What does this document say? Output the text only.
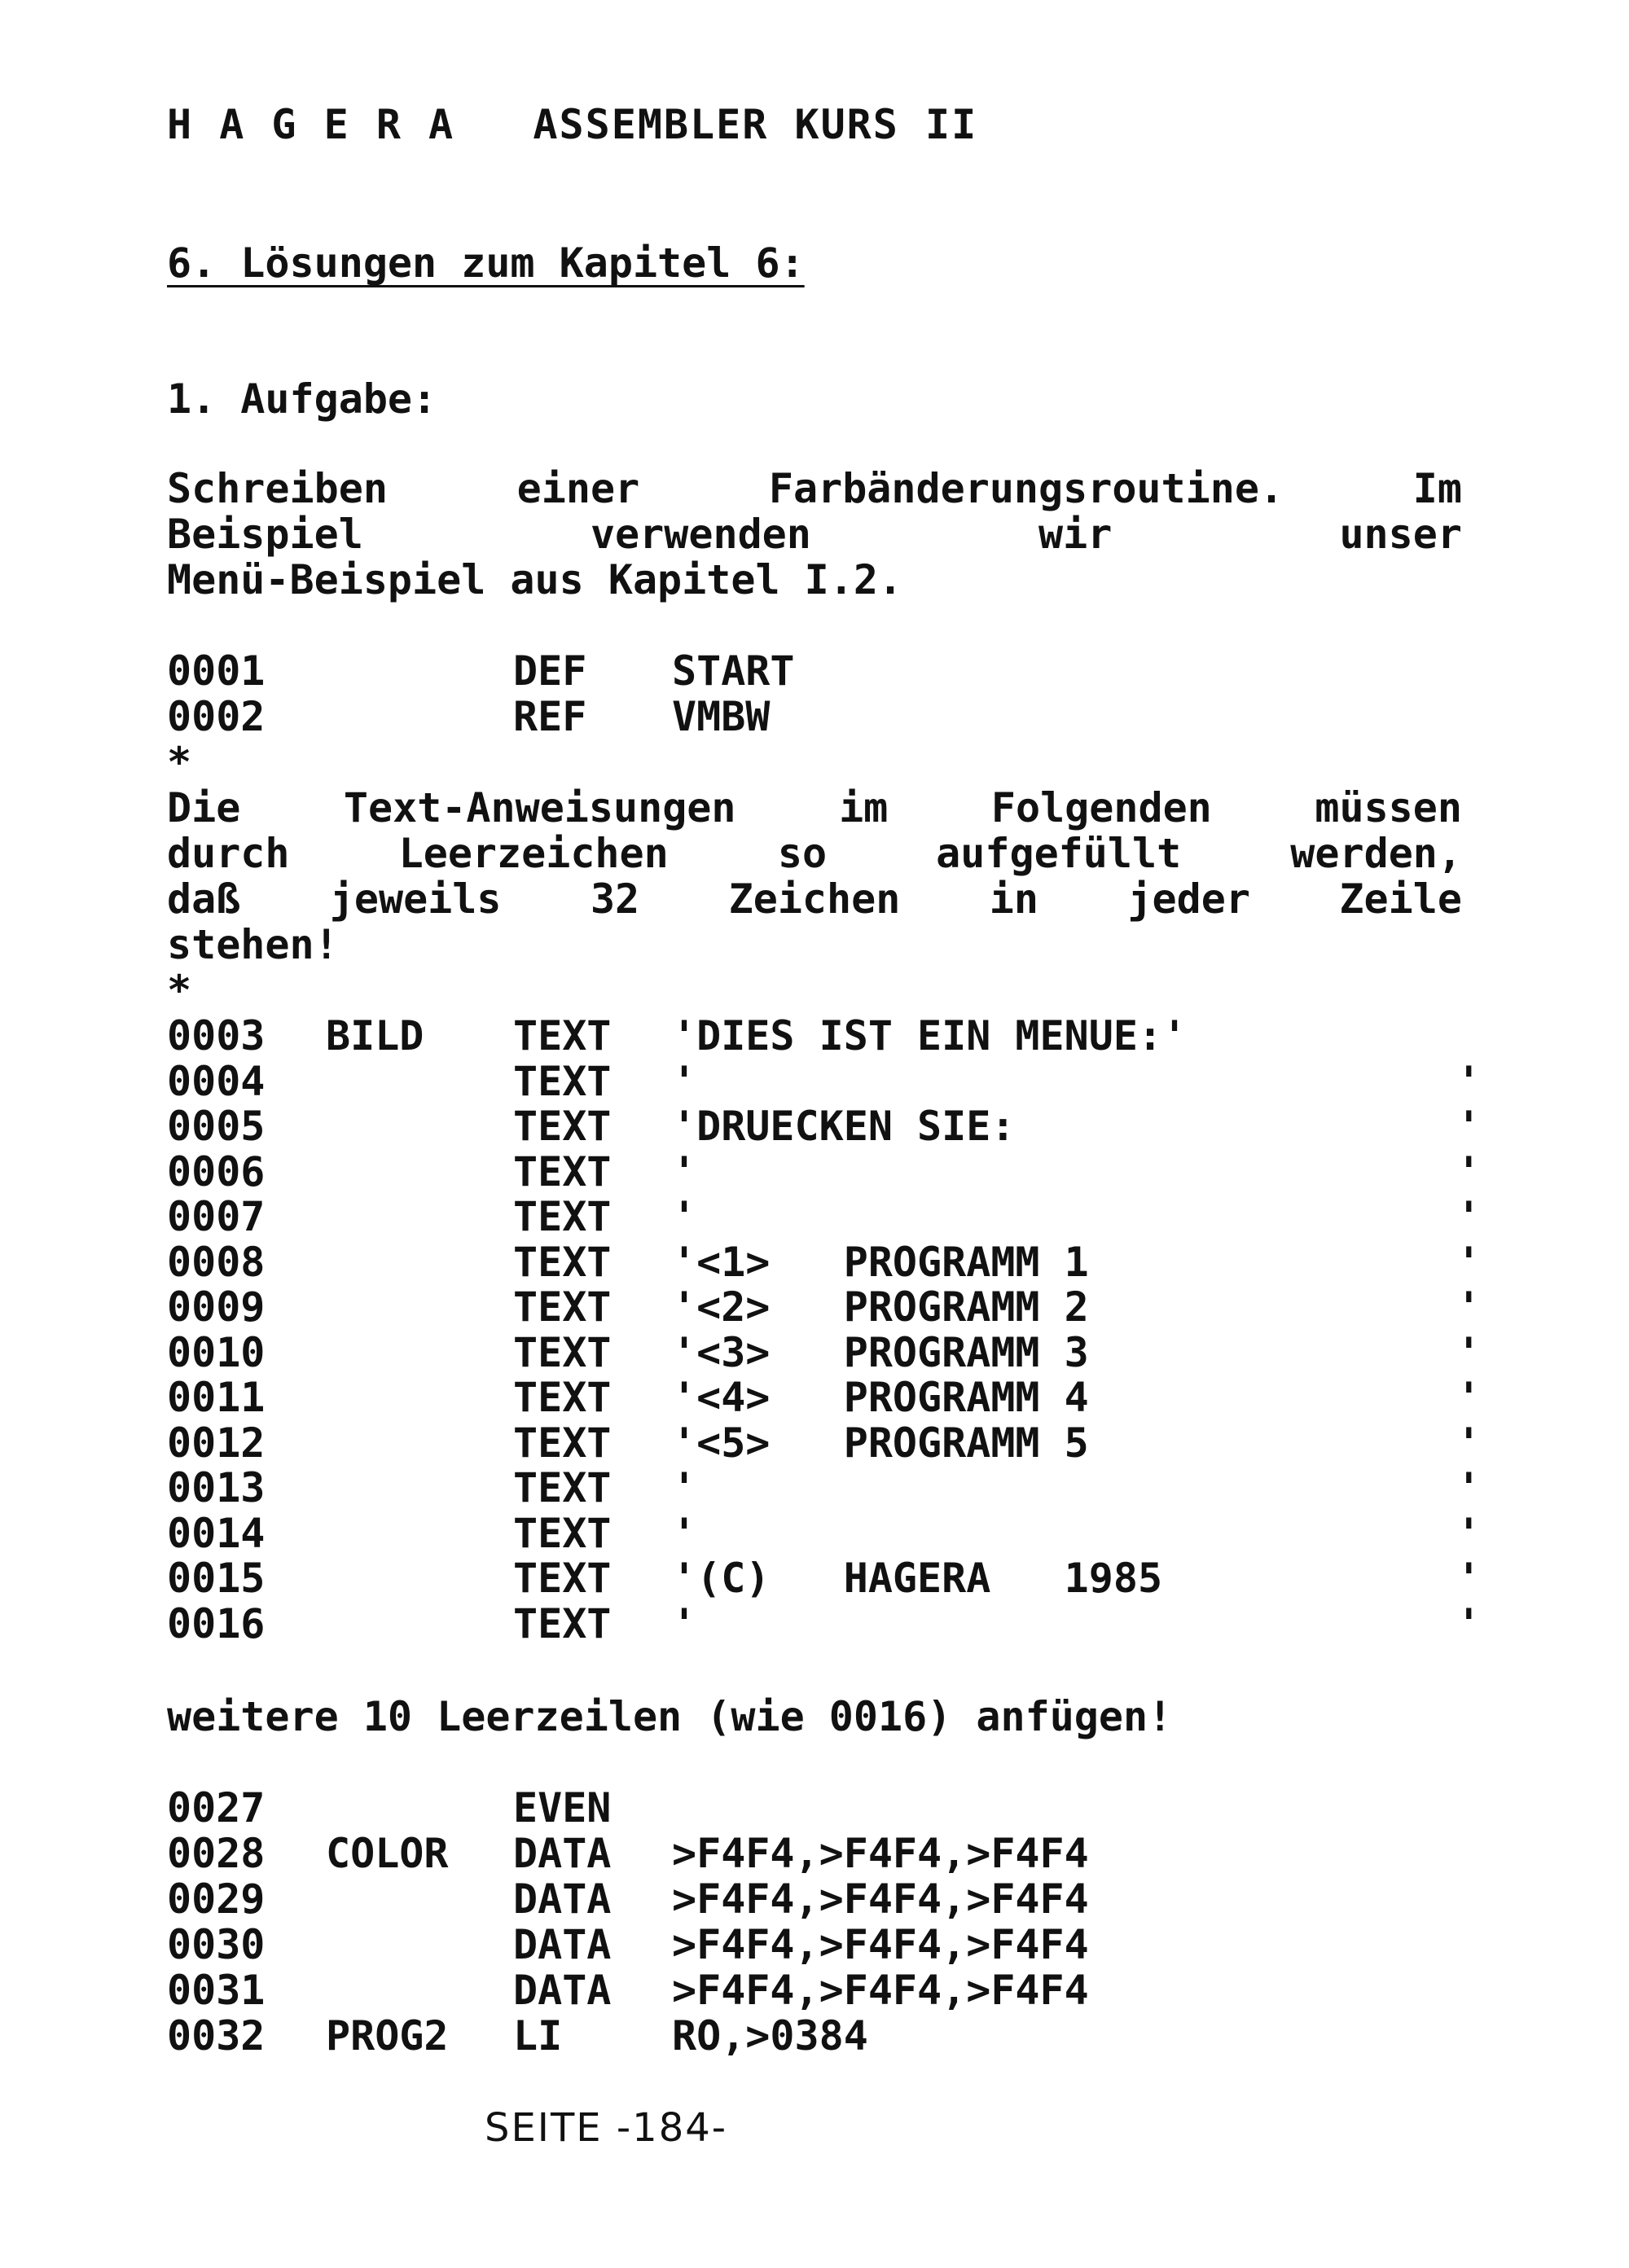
H A G E R A   ASSEMBLER KURS II
6. Lösungen zum Kapitel 6:
1. Aufgabe:
Schreiben	einer	Farbänderungsroutine.	Im
Beispiel	verwenden	wir	unser
Menü-Beispiel aus Kapitel I.2.
0001	DEF START
0002	REF VMBW
*
Die	Text-Anweisungen	im	Folgenden	müssen
durch	Leerzeichen	so	aufgefüllt	werden,
daß jeweils 32 Zeichen in jeder Zeile
stehen!
*
0003 BILD TEXT 'DIES IST EIN MENUE:'
0004	TEXT '                               '
0005	TEXT 'DRUECKEN SIE:                  '
0006	TEXT '                               '
0007	TEXT '                               '
0008	TEXT '<1>   PROGRAMM 1               '
0009	TEXT '<2>   PROGRAMM 2               '
0010	TEXT '<3>   PROGRAMM 3               '
0011	TEXT '<4>   PROGRAMM 4               '
0012	TEXT '<5>   PROGRAMM 5               '
0013	TEXT '                               '
0014	TEXT '                               '
0015	TEXT '(C)   HAGERA   1985            '
0016	TEXT '                               '
weitere 10 Leerzeilen (wie 0016) anfügen!
0027	EVEN
0028 COLOR DATA >F4F4,>F4F4,>F4F4
0029	DATA >F4F4,>F4F4,>F4F4
0030	DATA >F4F4,>F4F4,>F4F4
0031	DATA >F4F4,>F4F4,>F4F4
0032 PROG2 LI	RO,>0384
SEITE -184-
